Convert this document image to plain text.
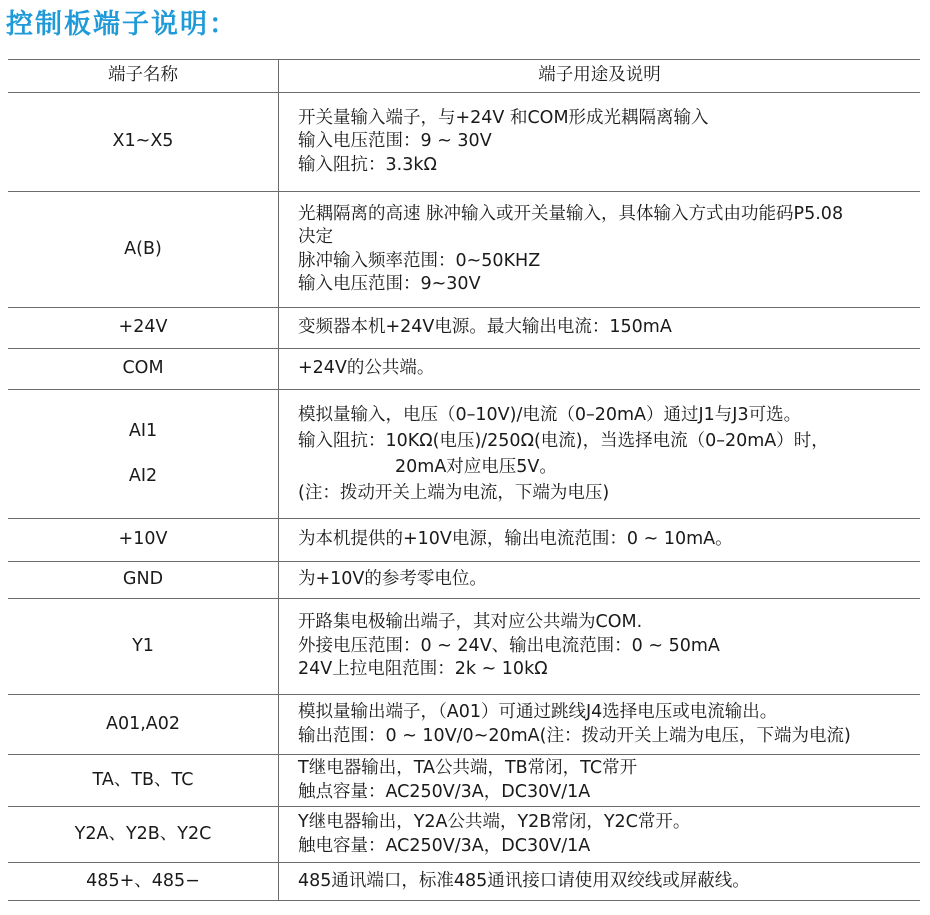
控制板端子说明：
端子名称	端子用途及说明

X1~X5	开关量输入端子，与+24V 和COM形成光耦隔离输入
输入电压范围：9 ~ 30V
输入阻抗：3.3kΩ

A(B)	光耦隔离的高速 脉冲输入或开关量输入，具体输入方式由功能码P5.08
决定
脉冲输入频率范围：0~50KHZ
输入电压范围：9~30V

+24V	变频器本机+24V电源。最大输出电流：150mA

COM	+24V的公共端。

AI1
AI2	模拟量输入，电压（0–10V)/电流（0–20mA）通过J1与J3可选。
输入阻抗：10KΩ(电压)/250Ω(电流)，当选择电流（0–20mA）时，
20mA对应电压5V。
(注：拨动开关上端为电流，下端为电压)

+10V	为本机提供的+10V电源，输出电流范围：0 ~ 10mA。

GND	为+10V的参考零电位。

Y1	开路集电极输出端子，其对应公共端为COM.
外接电压范围：0 ~ 24V、输出电流范围：0 ~ 50mA
24V上拉电阻范围：2k ~ 10kΩ

A01,A02	模拟量输出端子，（A01）可通过跳线J4选择电压或电流输出。
输出范围：0 ~ 10V/0~20mA(注：拨动开关上端为电压，下端为电流)

TA、TB、TC	T继电器输出，TA公共端，TB常闭，TC常开
触点容量：AC250V/3A，DC30V/1A

Y2A、Y2B、Y2C	Y继电器输出，Y2A公共端，Y2B常闭，Y2C常开。
触电容量：AC250V/3A，DC30V/1A

485+、485−	485通讯端口，标准485通讯接口请使用双绞线或屏蔽线。
